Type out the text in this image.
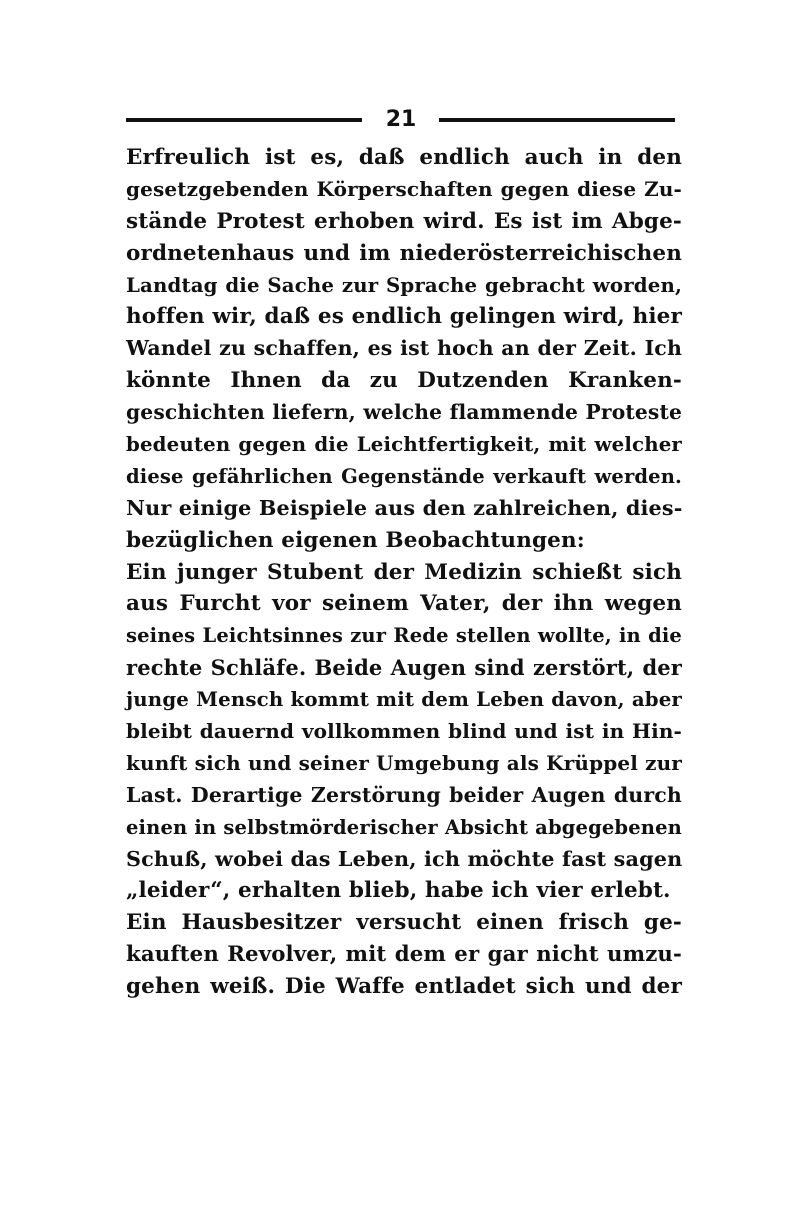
21
Erfreulich ist es, daß endlich auch in den
gesetzgebenden Körperschaften gegen diese Zu-
stände Protest erhoben wird. Es ist im Abge-
ordnetenhaus und im niederösterreichischen
Landtag die Sache zur Sprache gebracht worden,
hoffen wir, daß es endlich gelingen wird, hier
Wandel zu schaffen, es ist hoch an der Zeit. Ich
könnte Ihnen da zu Dutzenden Kranken-
geschichten liefern, welche flammende Proteste
bedeuten gegen die Leichtfertigkeit, mit welcher
diese gefährlichen Gegenstände verkauft werden.
Nur einige Beispiele aus den zahlreichen, dies-
bezüglichen eigenen Beobachtungen:
Ein junger Stubent der Medizin schießt sich
aus Furcht vor seinem Vater, der ihn wegen
seines Leichtsinnes zur Rede stellen wollte, in die
rechte Schläfe. Beide Augen sind zerstört, der
junge Mensch kommt mit dem Leben davon, aber
bleibt dauernd vollkommen blind und ist in Hin-
kunft sich und seiner Umgebung als Krüppel zur
Last. Derartige Zerstörung beider Augen durch
einen in selbstmörderischer Absicht abgegebenen
Schuß, wobei das Leben, ich möchte fast sagen
„leider“, erhalten blieb, habe ich vier erlebt.
Ein Hausbesitzer versucht einen frisch ge-
kauften Revolver, mit dem er gar nicht umzu-
gehen weiß. Die Waffe entladet sich und der
